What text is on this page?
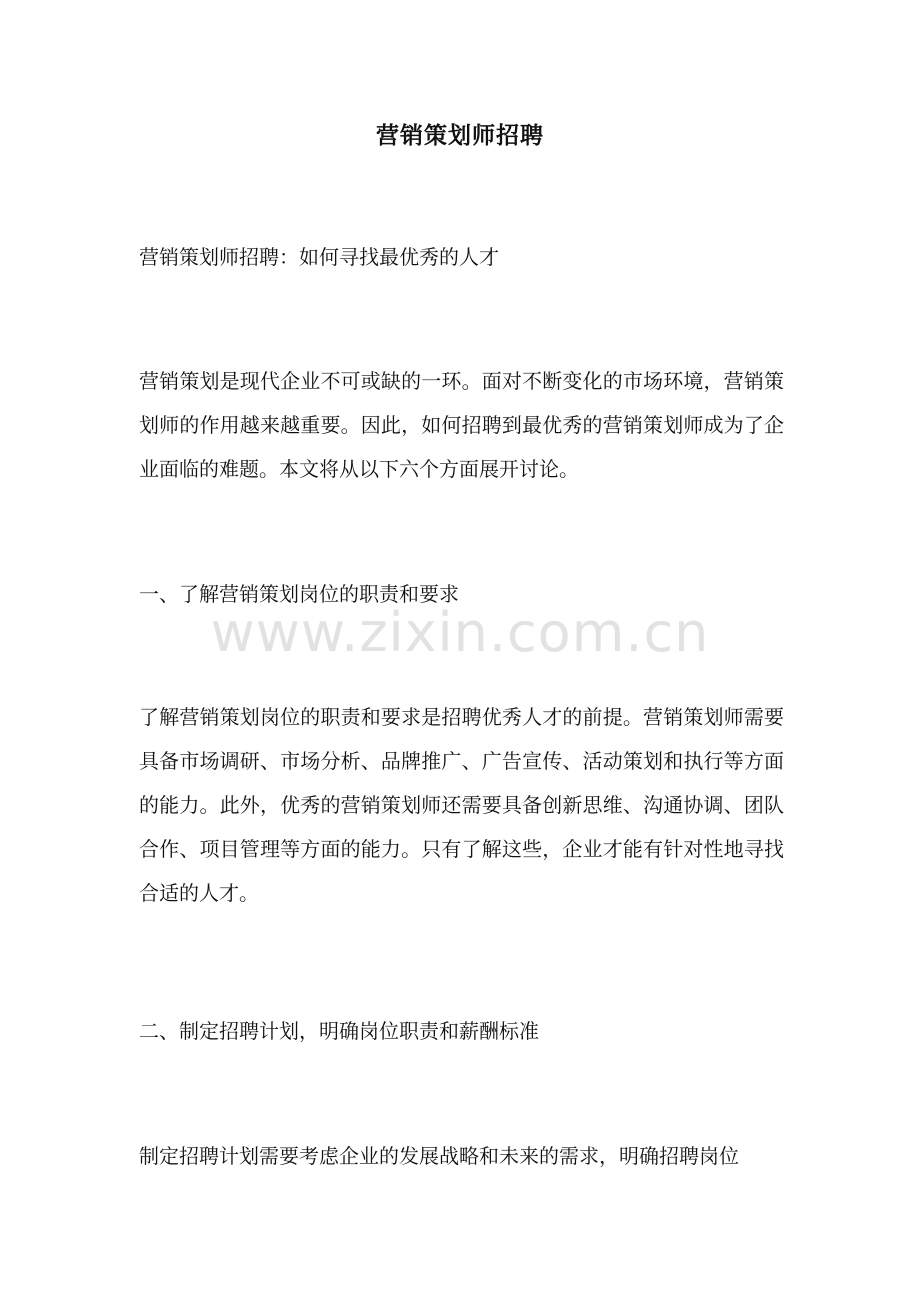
营销策划师招聘
营销策划师招聘：如何寻找最优秀的人才
营销策划是现代企业不可或缺的一环。面对不断变化的市场环境，营销策划师的作用越来越重要。因此，如何招聘到最优秀的营销策划师成为了企业面临的难题。本文将从以下六个方面展开讨论。
一、了解营销策划岗位的职责和要求
了解营销策划岗位的职责和要求是招聘优秀人才的前提。营销策划师需要具备市场调研、市场分析、品牌推广、广告宣传、活动策划和执行等方面的能力。此外，优秀的营销策划师还需要具备创新思维、沟通协调、团队合作、项目管理等方面的能力。只有了解这些，企业才能有针对性地寻找合适的人才。
二、制定招聘计划，明确岗位职责和薪酬标准
制定招聘计划需要考虑企业的发展战略和未来的需求，明确招聘岗位
www.zixin.com.cn
